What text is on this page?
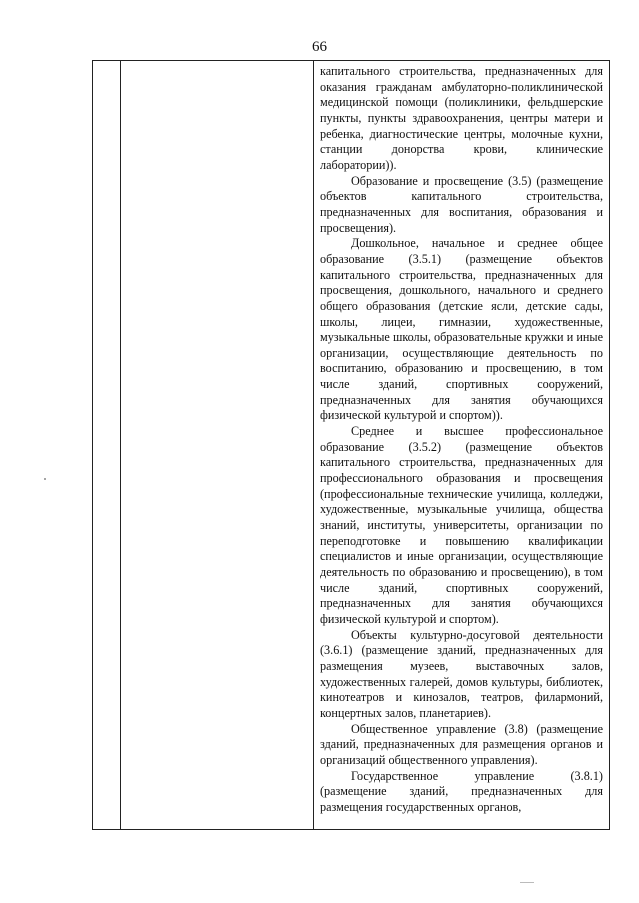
66

капитального строительства, предназначенных для оказания гражданам амбулаторно-поликлинической медицинской помощи (поликлиники, фельдшерские пункты, пункты здравоохранения, центры матери и ребенка, диагностические центры, молочные кухни, станции донорства крови, клинические лаборатории)).

Образование и просвещение (3.5) (размещение объектов капитального строительства, предназначенных для воспитания, образования и просвещения).

Дошкольное, начальное и среднее общее образование (3.5.1) (размещение объектов капитального строительства, предназначенных для просвещения, дошкольного, начального и среднего общего образования (детские ясли, детские сады, школы, лицеи, гимназии, художественные, музыкальные школы, образовательные кружки и иные организации, осуществляющие деятельность по воспитанию, образованию и просвещению, в том числе зданий, спортивных сооружений, предназначенных для занятия обучающихся физической культурой и спортом)).

Среднее и высшее профессиональное образование (3.5.2) (размещение объектов капитального строительства, предназначенных для профессионального образования и просвещения (профессиональные технические училища, колледжи, художественные, музыкальные училища, общества знаний, институты, университеты, организации по переподготовке и повышению квалификации специалистов и иные организации, осуществляющие деятельность по образованию и просвещению), в том числе зданий, спортивных сооружений, предназначенных для занятия обучающихся физической культурой и спортом).

Объекты культурно-досуговой деятельности (3.6.1) (размещение зданий, предназначенных для размещения музеев, выставочных залов, художественных галерей, домов культуры, библиотек, кинотеатров и кинозалов, театров, филармоний, концертных залов, планетариев).

Общественное управление (3.8) (размещение зданий, предназначенных для размещения органов и организаций общественного управления).

Государственное управление (3.8.1) (размещение зданий, предназначенных для размещения государственных органов,
